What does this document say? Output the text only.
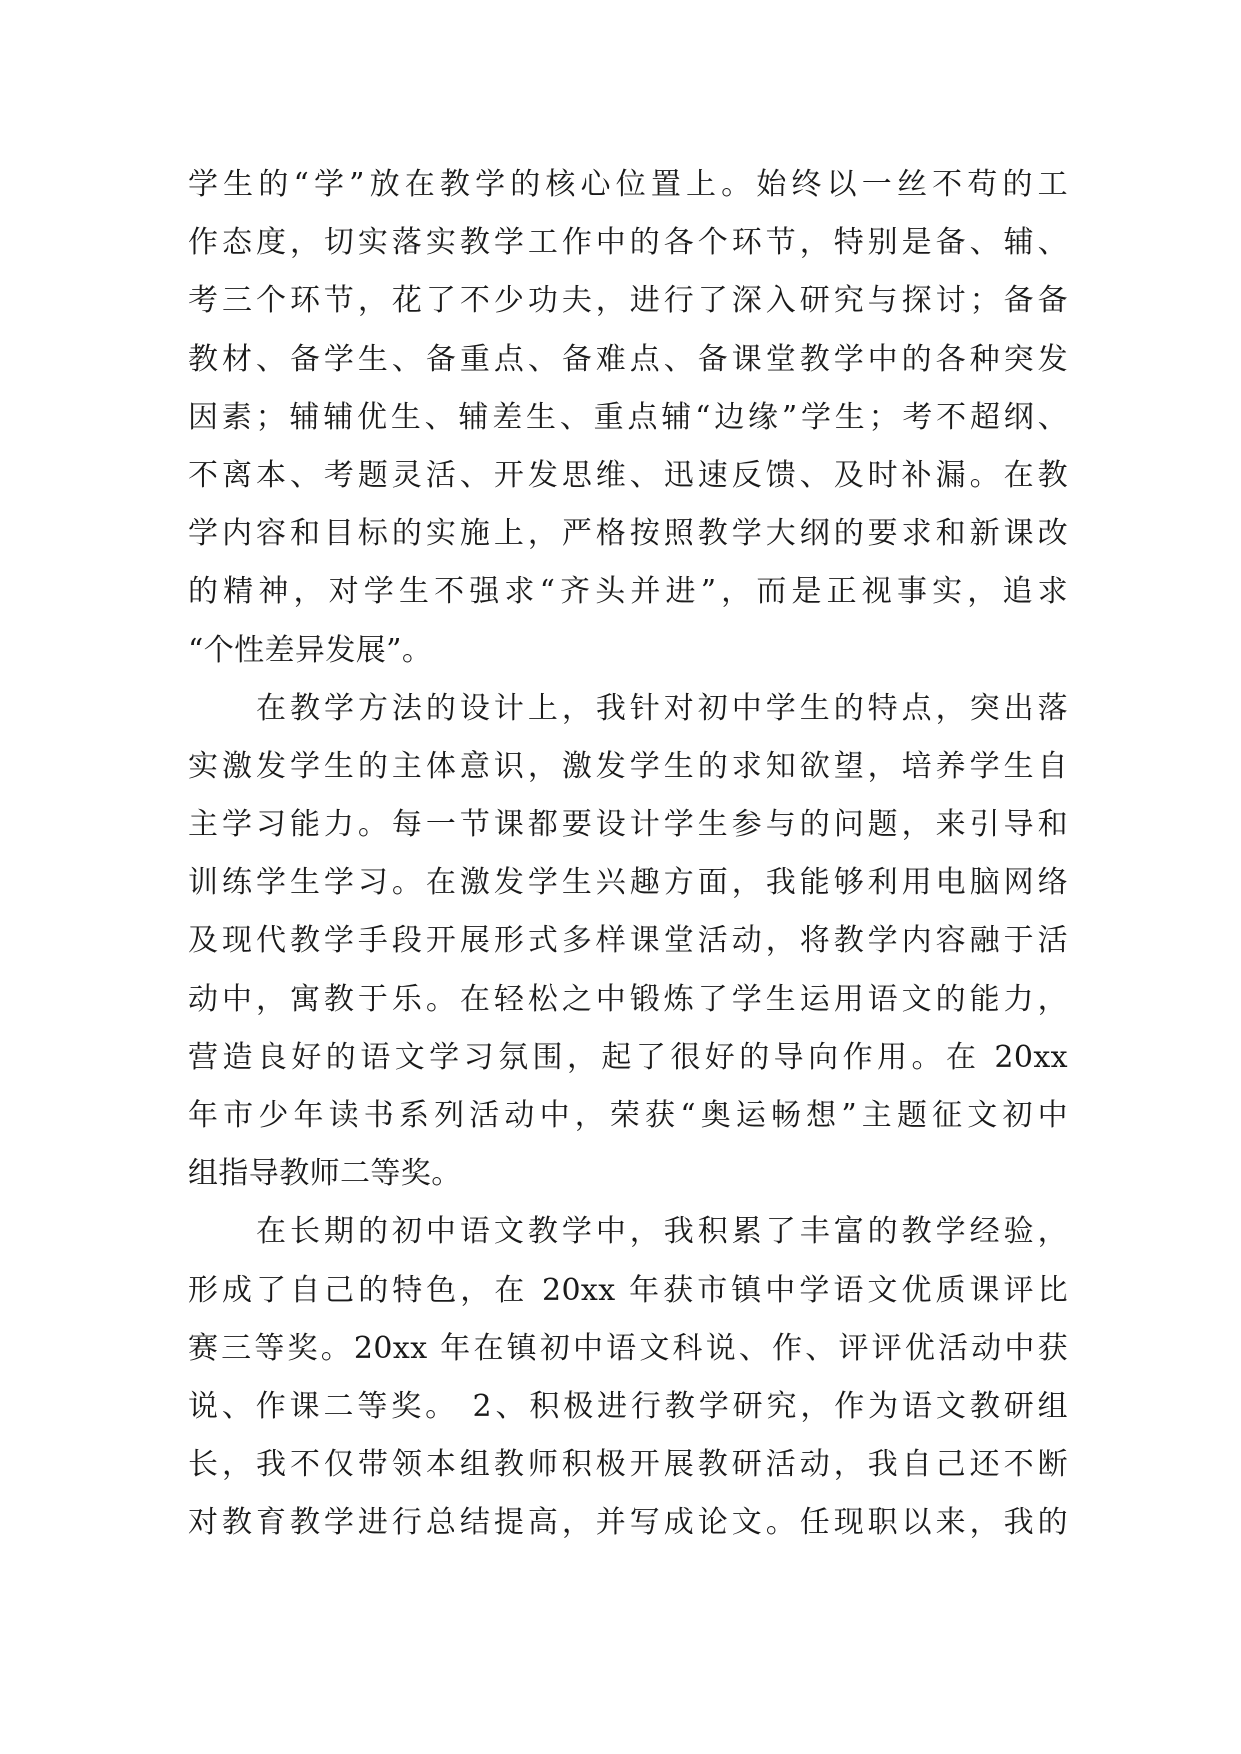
学生的“学”放在教学的核心位置上。始终以一丝不苟的工
作态度，切实落实教学工作中的各个环节，特别是备、辅、
考三个环节，花了不少功夫，进行了深入研究与探讨；备备
教材、备学生、备重点、备难点、备课堂教学中的各种突发
因素；辅辅优生、辅差生、重点辅“边缘”学生；考不超纲、
不离本、考题灵活、开发思维、迅速反馈、及时补漏。在教
学内容和目标的实施上，严格按照教学大纲的要求和新课改
的精神，对学生不强求“齐头并进”，而是正视事实，追求
“个性差异发展”。
在教学方法的设计上，我针对初中学生的特点，突出落
实激发学生的主体意识，激发学生的求知欲望，培养学生自
主学习能力。每一节课都要设计学生参与的问题，来引导和
训练学生学习。在激发学生兴趣方面，我能够利用电脑网络
及现代教学手段开展形式多样课堂活动，将教学内容融于活
动中，寓教于乐。在轻松之中锻炼了学生运用语文的能力，
营造良好的语文学习氛围，起了很好的导向作用。在 20xx
年市少年读书系列活动中，荣获“奥运畅想”主题征文初中
组指导教师二等奖。
在长期的初中语文教学中，我积累了丰富的教学经验，
形成了自己的特色，在 20xx 年获市镇中学语文优质课评比
赛三等奖。20xx 年在镇初中语文科说、作、评评优活动中获
说、作课二等奖。 2、积极进行教学研究，作为语文教研组
长，我不仅带领本组教师积极开展教研活动，我自己还不断
对教育教学进行总结提高，并写成论文。任现职以来，我的
